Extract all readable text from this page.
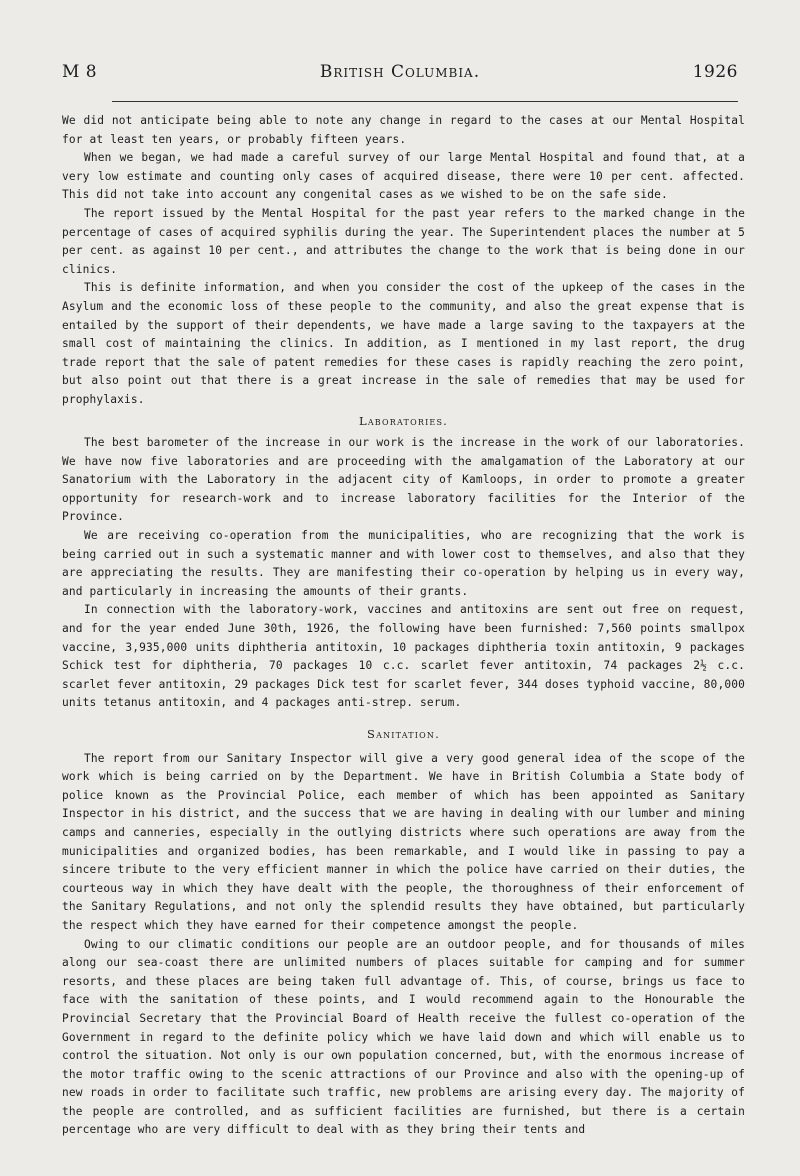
M 8	British Columbia.	1926

We did not anticipate being able to note any change in regard to the cases at our Mental Hospital for at least ten years, or probably fifteen years.

When we began, we had made a careful survey of our large Mental Hospital and found that, at a very low estimate and counting only cases of acquired disease, there were 10 per cent. affected. This did not take into account any congenital cases as we wished to be on the safe side.

The report issued by the Mental Hospital for the past year refers to the marked change in the percentage of cases of acquired syphilis during the year. The Superintendent places the number at 5 per cent. as against 10 per cent., and attributes the change to the work that is being done in our clinics.

This is definite information, and when you consider the cost of the upkeep of the cases in the Asylum and the economic loss of these people to the community, and also the great expense that is entailed by the support of their dependents, we have made a large saving to the taxpayers at the small cost of maintaining the clinics. In addition, as I mentioned in my last report, the drug trade report that the sale of patent remedies for these cases is rapidly reaching the zero point, but also point out that there is a great increase in the sale of remedies that may be used for prophylaxis.

Laboratories.

The best barometer of the increase in our work is the increase in the work of our laboratories. We have now five laboratories and are proceeding with the amalgamation of the Laboratory at our Sanatorium with the Laboratory in the adjacent city of Kamloops, in order to promote a greater opportunity for research-work and to increase laboratory facilities for the Interior of the Province.

We are receiving co-operation from the municipalities, who are recognizing that the work is being carried out in such a systematic manner and with lower cost to themselves, and also that they are appreciating the results. They are manifesting their co-operation by helping us in every way, and particularly in increasing the amounts of their grants.

In connection with the laboratory-work, vaccines and antitoxins are sent out free on request, and for the year ended June 30th, 1926, the following have been furnished: 7,560 points smallpox vaccine, 3,935,000 units diphtheria antitoxin, 10 packages diphtheria toxin antitoxin, 9 packages Schick test for diphtheria, 70 packages 10 c.c. scarlet fever antitoxin, 74 packages 2½ c.c. scarlet fever antitoxin, 29 packages Dick test for scarlet fever, 344 doses typhoid vaccine, 80,000 units tetanus antitoxin, and 4 packages anti-strep. serum.

Sanitation.

The report from our Sanitary Inspector will give a very good general idea of the scope of the work which is being carried on by the Department. We have in British Columbia a State body of police known as the Provincial Police, each member of which has been appointed as Sanitary Inspector in his district, and the success that we are having in dealing with our lumber and mining camps and canneries, especially in the outlying districts where such operations are away from the municipalities and organized bodies, has been remarkable, and I would like in passing to pay a sincere tribute to the very efficient manner in which the police have carried on their duties, the courteous way in which they have dealt with the people, the thoroughness of their enforcement of the Sanitary Regulations, and not only the splendid results they have obtained, but particularly the respect which they have earned for their competence amongst the people.

Owing to our climatic conditions our people are an outdoor people, and for thousands of miles along our sea-coast there are unlimited numbers of places suitable for camping and for summer resorts, and these places are being taken full advantage of. This, of course, brings us face to face with the sanitation of these points, and I would recommend again to the Honourable the Provincial Secretary that the Provincial Board of Health receive the fullest co-operation of the Government in regard to the definite policy which we have laid down and which will enable us to control the situation. Not only is our own population concerned, but, with the enormous increase of the motor traffic owing to the scenic attractions of our Province and also with the opening-up of new roads in order to facilitate such traffic, new problems are arising every day. The majority of the people are controlled, and as sufficient facilities are furnished, but there is a certain percentage who are very difficult to deal with as they bring their tents and
